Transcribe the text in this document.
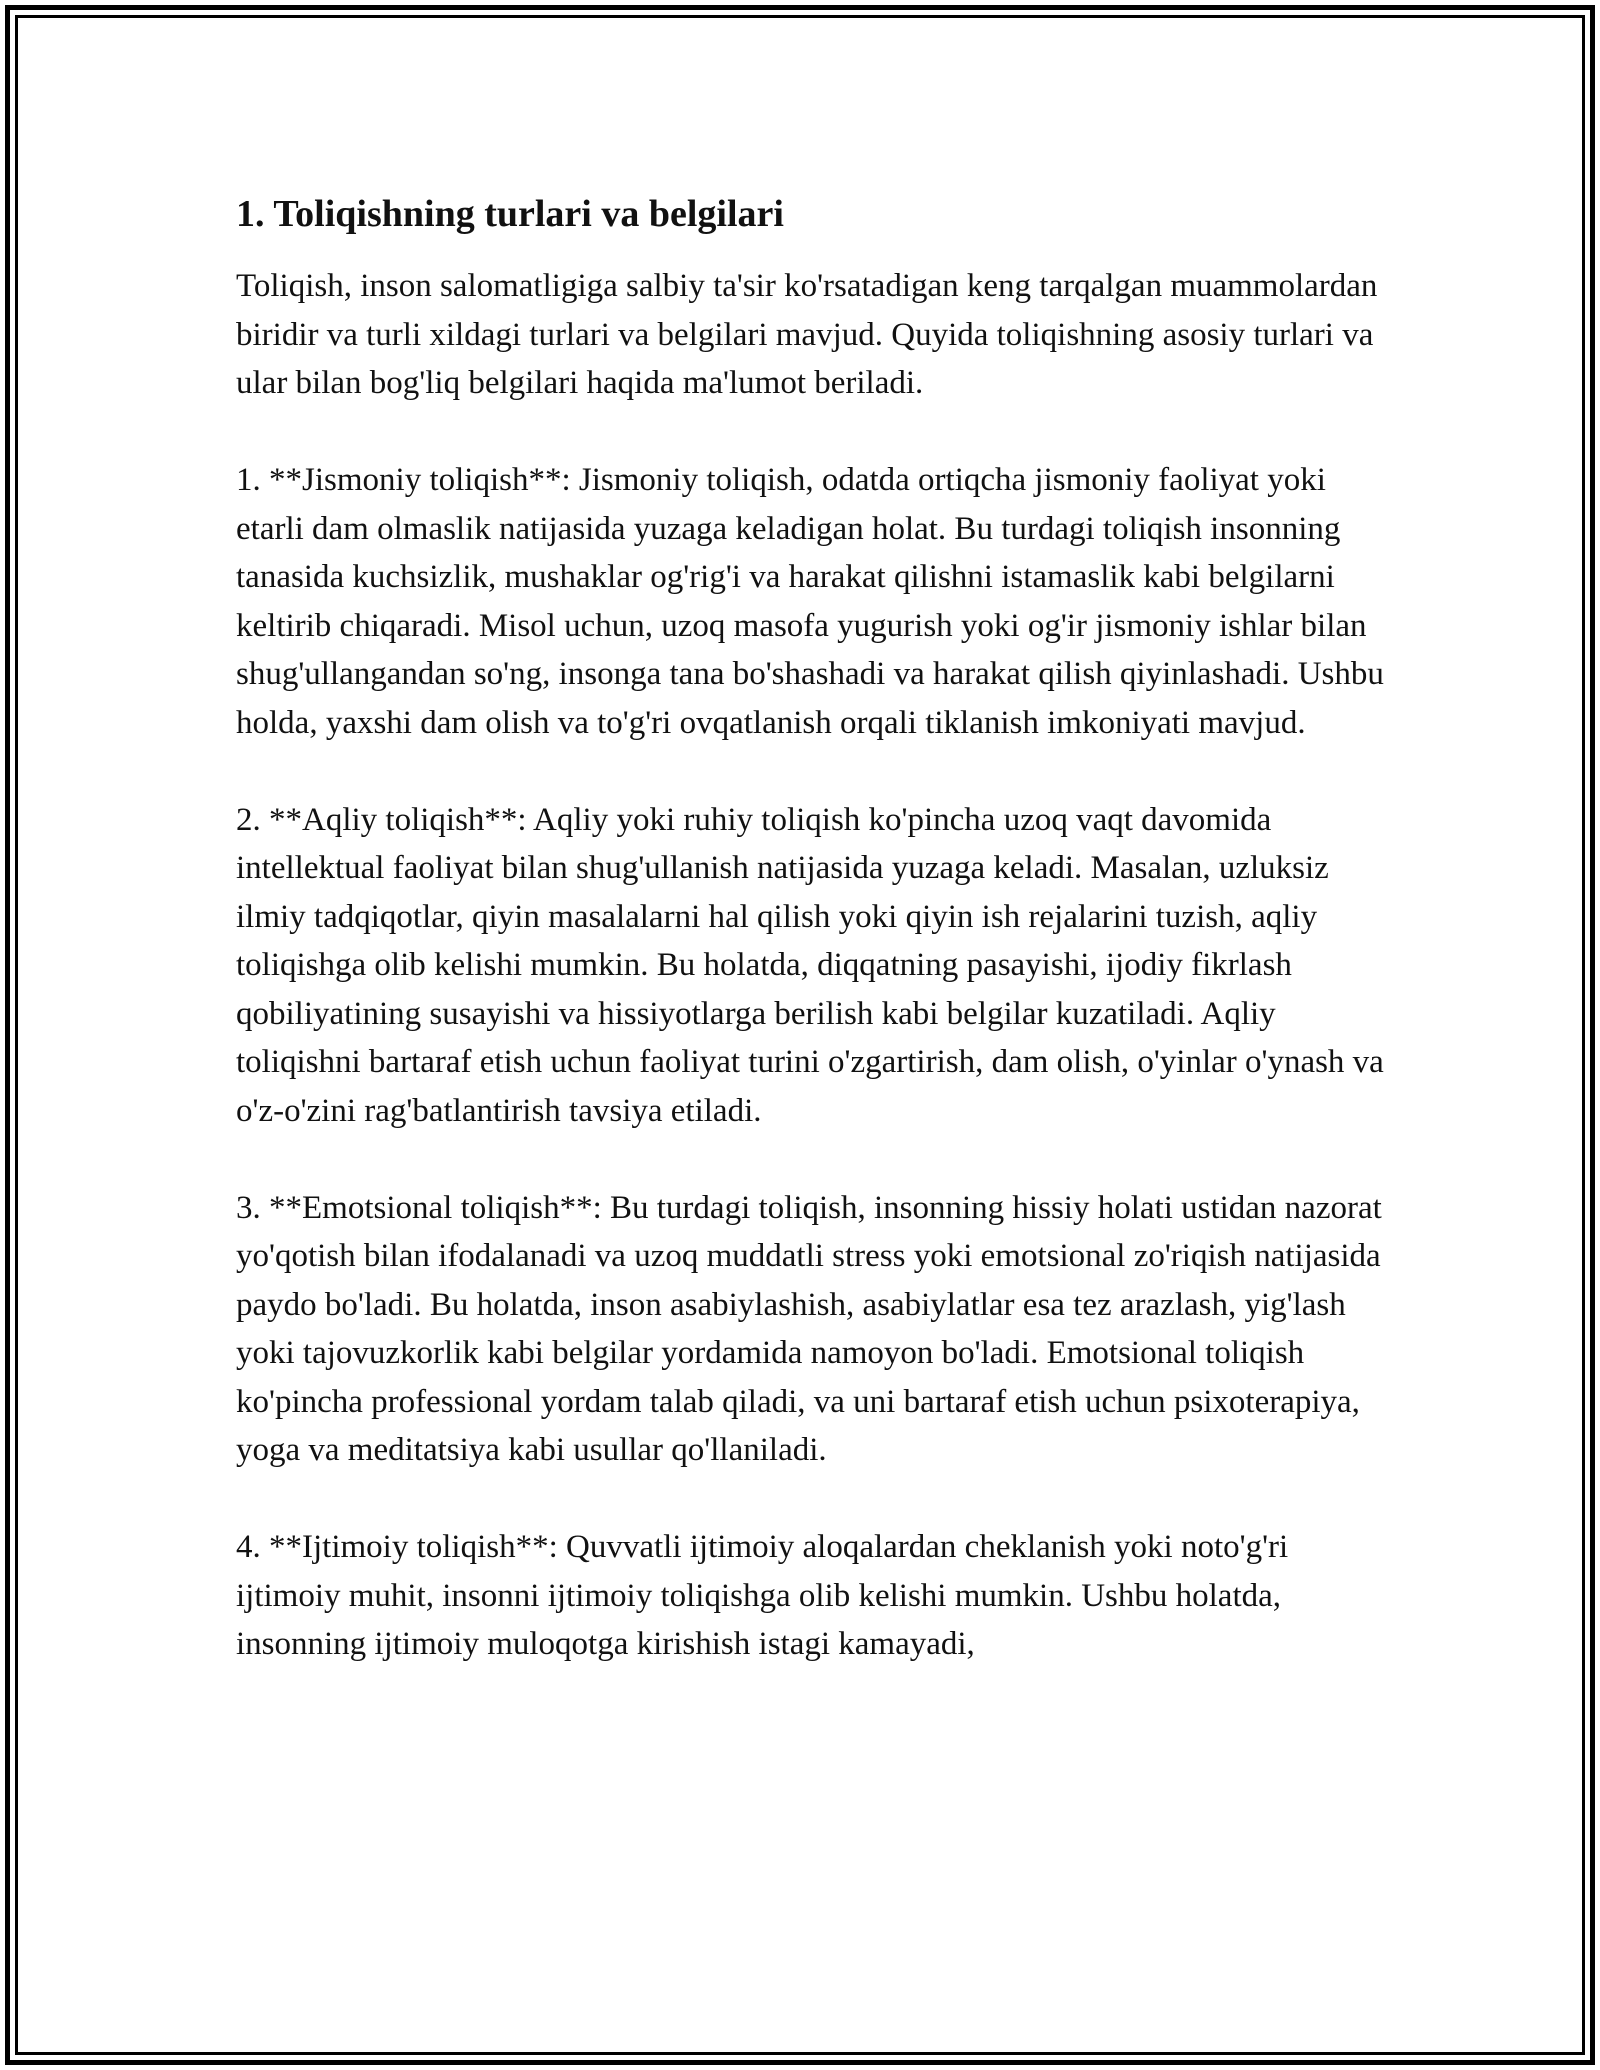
1. Toliqishning turlari va belgilari

Toliqish, inson salomatligiga salbiy ta'sir ko'rsatadigan keng tarqalgan muammolardan biridir va turli xildagi turlari va belgilari mavjud. Quyida toliqishning asosiy turlari va ular bilan bog'liq belgilari haqida ma'lumot beriladi.

1. **Jismoniy toliqish**: Jismoniy toliqish, odatda ortiqcha jismoniy faoliyat yoki etarli dam olmaslik natijasida yuzaga keladigan holat. Bu turdagi toliqish insonning tanasida kuchsizlik, mushaklar og'rig'i va harakat qilishni istamaslik kabi belgilarni keltirib chiqaradi. Misol uchun, uzoq masofa yugurish yoki og'ir jismoniy ishlar bilan shug'ullangandan so'ng, insonga tana bo'shashadi va harakat qilish qiyinlashadi. Ushbu holda, yaxshi dam olish va to'g'ri ovqatlanish orqali tiklanish imkoniyati mavjud.

2. **Aqliy toliqish**: Aqliy yoki ruhiy toliqish ko'pincha uzoq vaqt davomida intellektual faoliyat bilan shug'ullanish natijasida yuzaga keladi. Masalan, uzluksiz ilmiy tadqiqotlar, qiyin masalalarni hal qilish yoki qiyin ish rejalarini tuzish, aqliy toliqishga olib kelishi mumkin. Bu holatda, diqqatning pasayishi, ijodiy fikrlash qobiliyatining susayishi va hissiyotlarga berilish kabi belgilar kuzatiladi. Aqliy toliqishni bartaraf etish uchun faoliyat turini o'zgartirish, dam olish, o'yinlar o'ynash va o'z-o'zini rag'batlantirish tavsiya etiladi.

3. **Emotsional toliqish**: Bu turdagi toliqish, insonning hissiy holati ustidan nazorat yo'qotish bilan ifodalanadi va uzoq muddatli stress yoki emotsional zo'riqish natijasida paydo bo'ladi. Bu holatda, inson asabiylashish, asabiylatlar esa tez arazlash, yig'lash yoki tajovuzkorlik kabi belgilar yordamida namoyon bo'ladi. Emotsional toliqish ko'pincha professional yordam talab qiladi, va uni bartaraf etish uchun psixoterapiya, yoga va meditatsiya kabi usullar qo'llaniladi.

4. **Ijtimoiy toliqish**: Quvvatli ijtimoiy aloqalardan cheklanish yoki noto'g'ri ijtimoiy muhit, insonni ijtimoiy toliqishga olib kelishi mumkin. Ushbu holatda, insonning ijtimoiy muloqotga kirishish istagi kamayadi,
